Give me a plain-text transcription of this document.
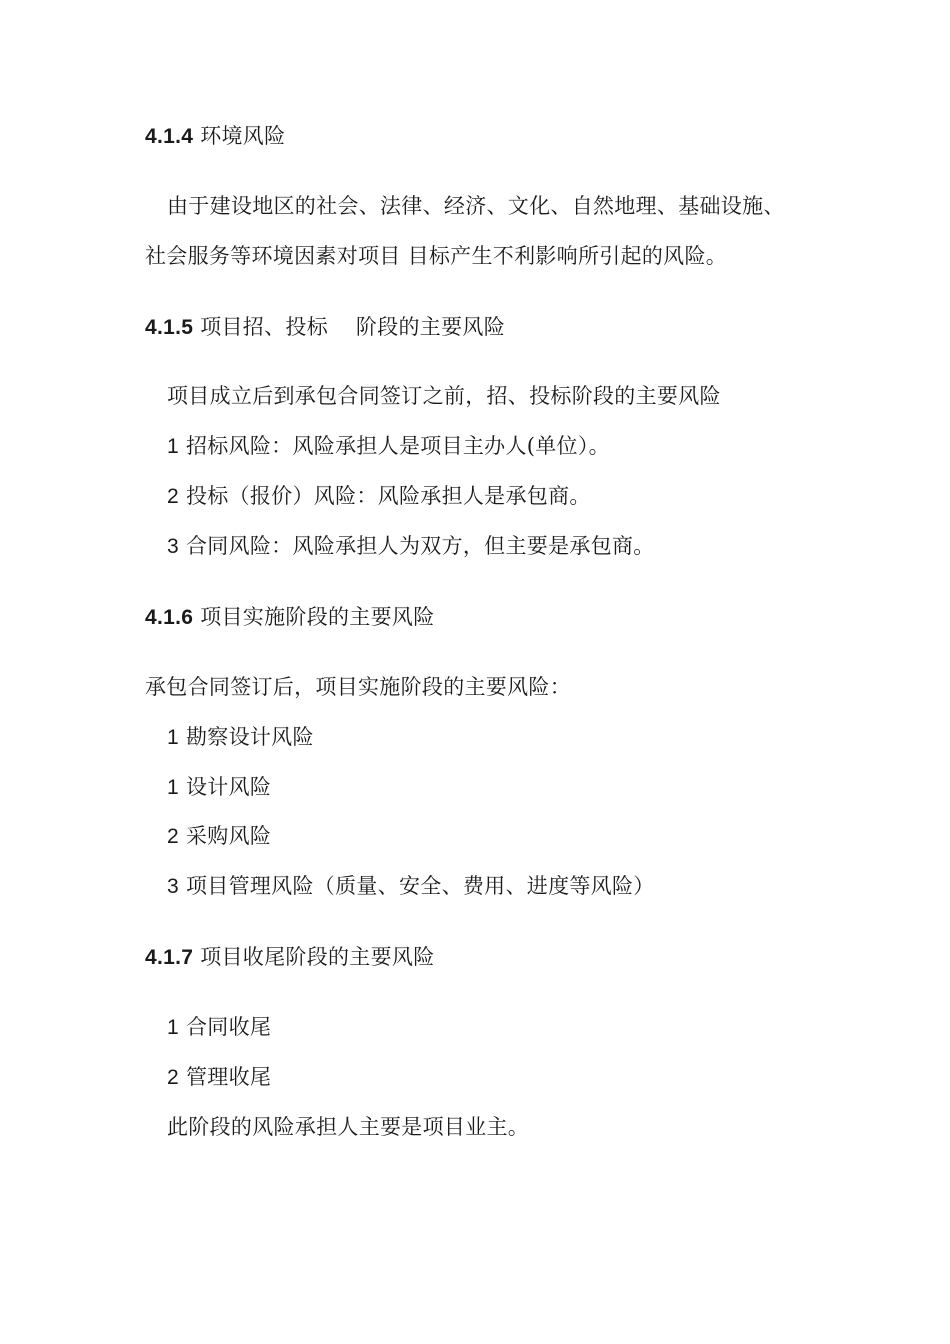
4.1.4 环境风险
由于建设地区的社会、法律、经济、文化、自然地理、基础设施、
社会服务等环境因素对项目 目标产生不利影响所引起的风险。
4.1.5 项目招、投标    阶段的主要风险
项目成立后到承包合同签订之前，招、投标阶段的主要风险
1 招标风险：风险承担人是项目主办人(单位）。
2 投标（报价）风险：风险承担人是承包商。
3 合同风险：风险承担人为双方，但主要是承包商。
4.1.6 项目实施阶段的主要风险
承包合同签订后，项目实施阶段的主要风险：
1 勘察设计风险
1 设计风险
2 采购风险
3 项目管理风险（质量、安全、费用、进度等风险）
4.1.7 项目收尾阶段的主要风险
1 合同收尾
2 管理收尾
此阶段的风险承担人主要是项目业主。
